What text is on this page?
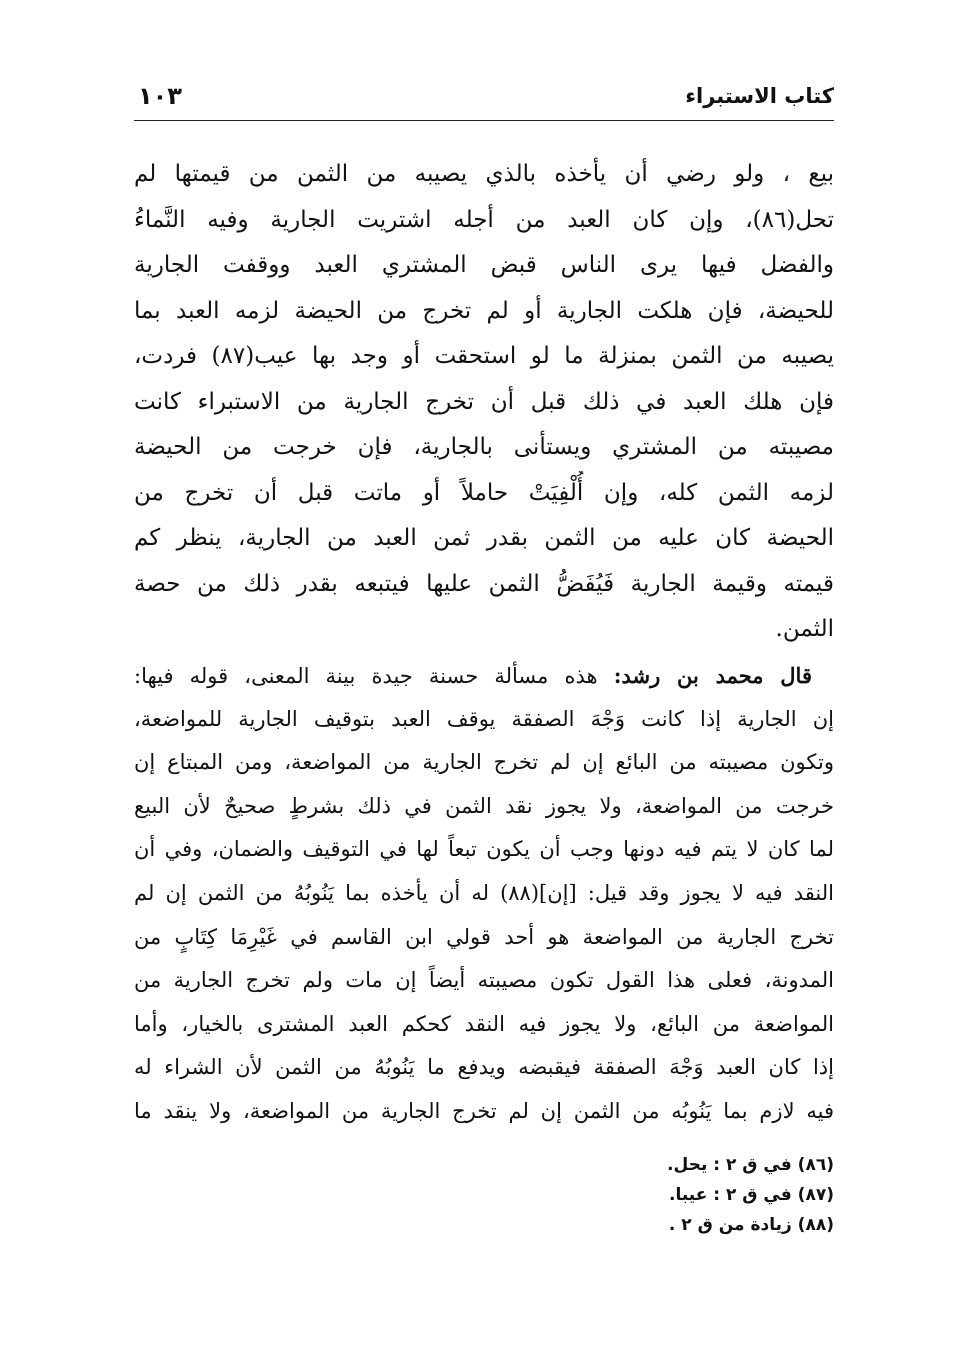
كتاب الاستبراء
١٠٣
بيع ، ولو رضي أن يأخذه بالذي يصيبه من الثمن من قيمتها لم
تحل(٨٦)، وإن كان العبد من أجله اشتريت الجارية وفيه النَّماءُ
والفضل فيها يرى الناس قبض المشتري العبد ووقفت الجارية
للحيضة، فإن هلكت الجارية أو لم تخرج من الحيضة لزمه العبد بما
يصيبه من الثمن بمنزلة ما لو استحقت أو وجد بها عيب(٨٧) فردت،
فإن هلك العبد في ذلك قبل أن تخرج الجارية من الاستبراء كانت
مصيبته من المشتري ويستأنى بالجارية، فإن خرجت من الحيضة
لزمه الثمن كله، وإن أُلْفِيَتْ حاملاً أو ماتت قبل أن تخرج من
الحيضة كان عليه من الثمن بقدر ثمن العبد من الجارية، ينظر كم
قيمته وقيمة الجارية فَيُفَضُّ الثمن عليها فيتبعه بقدر ذلك من حصة
الثمن.
قال محمد بن رشد: هذه مسألة حسنة جيدة بينة المعنى، قوله فيها:
إن الجارية إذا كانت وَجْهَ الصفقة يوقف العبد بتوقيف الجارية للمواضعة،
وتكون مصيبته من البائع إن لم تخرج الجارية من المواضعة، ومن المبتاع إن
خرجت من المواضعة، ولا يجوز نقد الثمن في ذلك بشرطٍ صحيحٌ لأن البيع
لما كان لا يتم فيه دونها وجب أن يكون تبعاً لها في التوقيف والضمان، وفي أن
النقد فيه لا يجوز وقد قيل: [إن](٨٨) له أن يأخذه بما يَنُوبُهُ من الثمن إن لم
تخرج الجارية من المواضعة هو أحد قولي ابن القاسم في غَيْرِمَا كِتَابٍ من
المدونة، فعلى هذا القول تكون مصيبته أيضاً إن مات ولم تخرج الجارية من
المواضعة من البائع، ولا يجوز فيه النقد كحكم العبد المشترى بالخيار، وأما
إذا كان العبد وَجْهَ الصفقة فيقبضه ويدفع ما يَنُوبُهُ من الثمن لأن الشراء له
فيه لازم بما يَنُوبُه من الثمن إن لم تخرج الجارية من المواضعة، ولا ينقد ما
(٨٦) في ق ٢ : يحل.
(٨٧) في ق ٢ : عيبا.
(٨٨) زيادة من ق ٢ .
